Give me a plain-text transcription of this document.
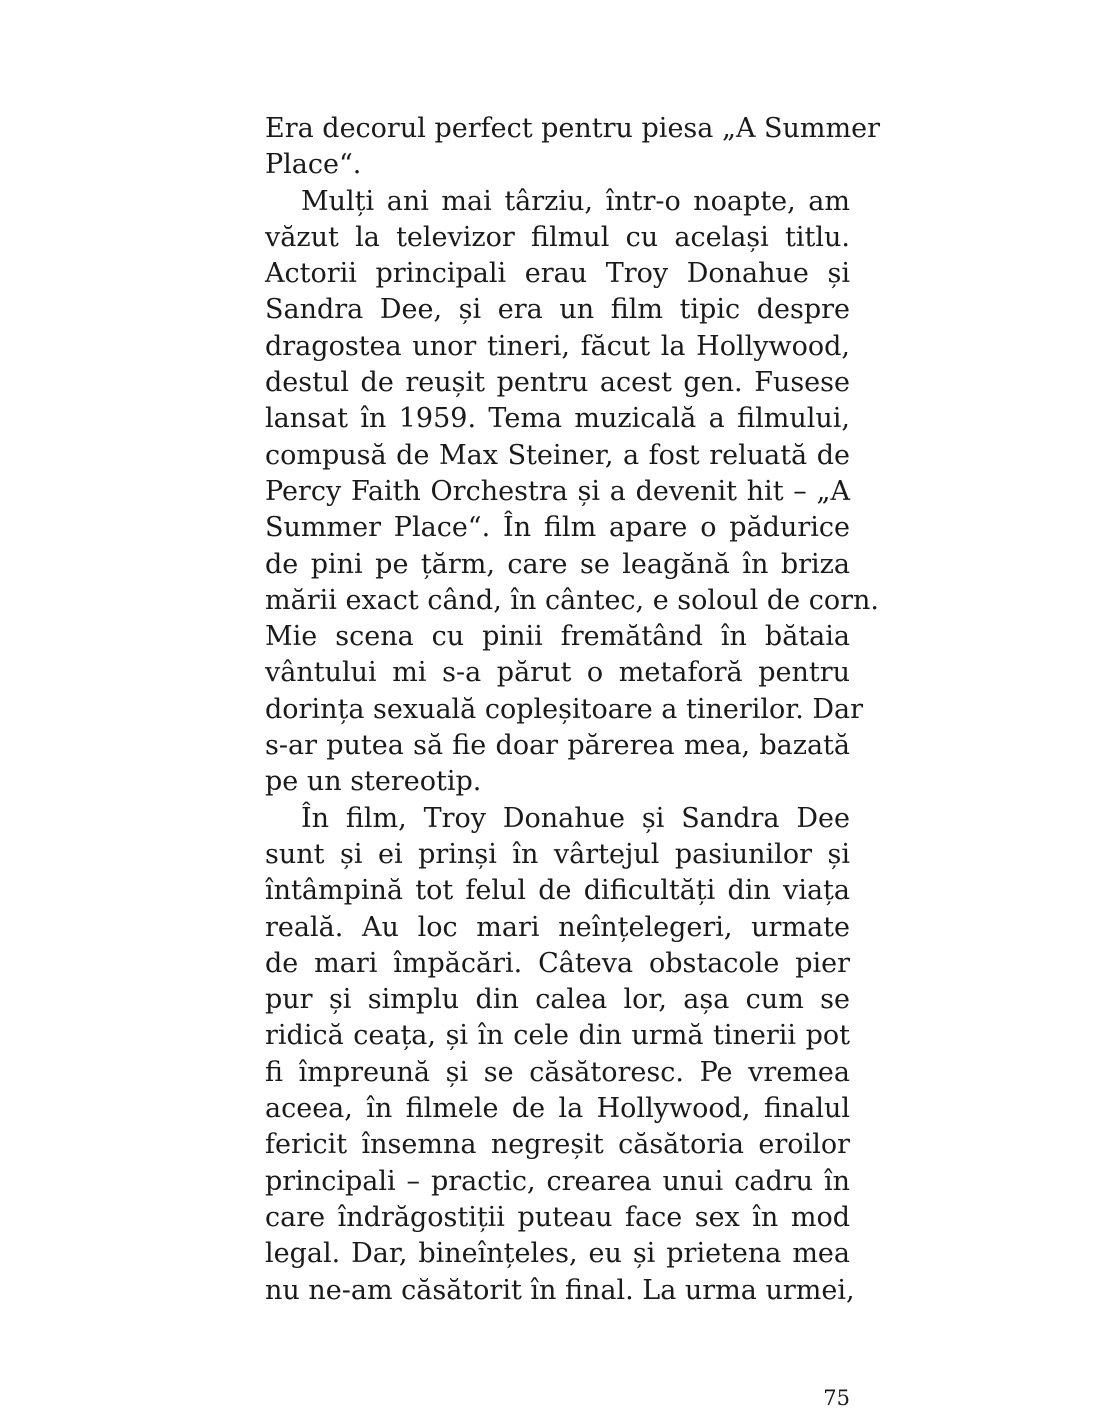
Era decorul perfect pentru piesa „A Summer
Place“.
Mulți ani mai târziu, într-o noapte, am
văzut la televizor filmul cu același titlu.
Actorii principali erau Troy Donahue și
Sandra Dee, și era un film tipic despre
dragostea unor tineri, făcut la Hollywood,
destul de reușit pentru acest gen. Fusese
lansat în 1959. Tema muzicală a filmului,
compusă de Max Steiner, a fost reluată de
Percy Faith Orchestra și a devenit hit – „A
Summer Place“. În film apare o pădurice
de pini pe țărm, care se leagănă în briza
mării exact când, în cântec, e soloul de corn.
Mie scena cu pinii fremătând în bătaia
vântului mi s-a părut o metaforă pentru
dorința sexuală copleșitoare a tinerilor. Dar
s-ar putea să fie doar părerea mea, bazată
pe un stereotip.
În film, Troy Donahue și Sandra Dee
sunt și ei prinși în vârtejul pasiunilor și
întâmpină tot felul de dificultăți din viața
reală. Au loc mari neînțelegeri, urmate
de mari împăcări. Câteva obstacole pier
pur și simplu din calea lor, așa cum se
ridică ceața, și în cele din urmă tinerii pot
fi împreună și se căsătoresc. Pe vremea
aceea, în filmele de la Hollywood, finalul
fericit însemna negreșit căsătoria eroilor
principali – practic, crearea unui cadru în
care îndrăgostiții puteau face sex în mod
legal. Dar, bineînțeles, eu și prietena mea
nu ne-am căsătorit în final. La urma urmei,
75
